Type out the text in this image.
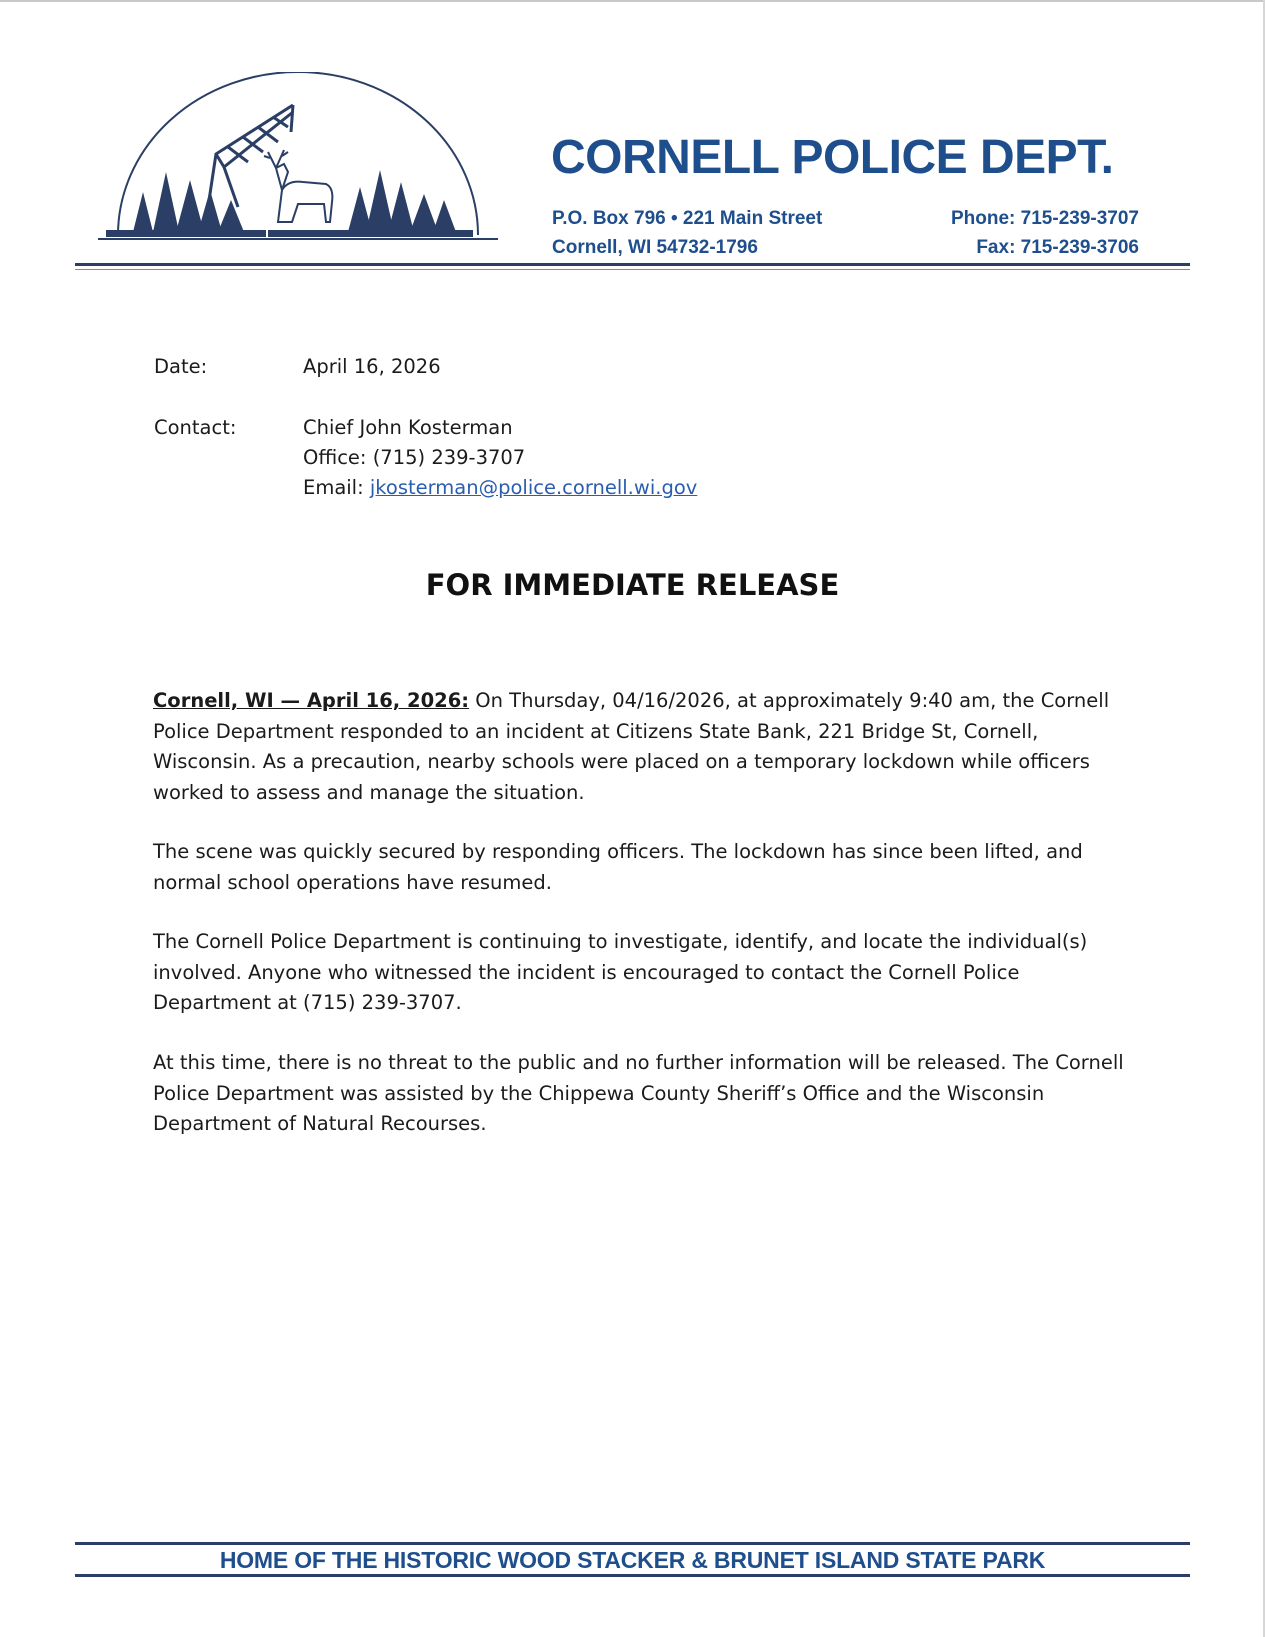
CORNELL POLICE DEPT.
P.O. Box 796 • 221 Main Street
Cornell, WI 54732-1796
Phone: 715-239-3707
Fax: 715-239-3706
Date:	April 16, 2026
Contact:	Chief John Kosterman
Office: (715) 239-3707
Email: jkosterman@police.cornell.wi.gov
FOR IMMEDIATE RELEASE
Cornell, WI — April 16, 2026: On Thursday, 04/16/2026, at approximately 9:40 am, the Cornell Police Department responded to an incident at Citizens State Bank, 221 Bridge St, Cornell, Wisconsin. As a precaution, nearby schools were placed on a temporary lockdown while officers worked to assess and manage the situation.
The scene was quickly secured by responding officers. The lockdown has since been lifted, and normal school operations have resumed.
The Cornell Police Department is continuing to investigate, identify, and locate the individual(s) involved. Anyone who witnessed the incident is encouraged to contact the Cornell Police Department at (715) 239-3707.
At this time, there is no threat to the public and no further information will be released. The Cornell Police Department was assisted by the Chippewa County Sheriff’s Office and the Wisconsin Department of Natural Recourses.
HOME OF THE HISTORIC WOOD STACKER & BRUNET ISLAND STATE PARK
